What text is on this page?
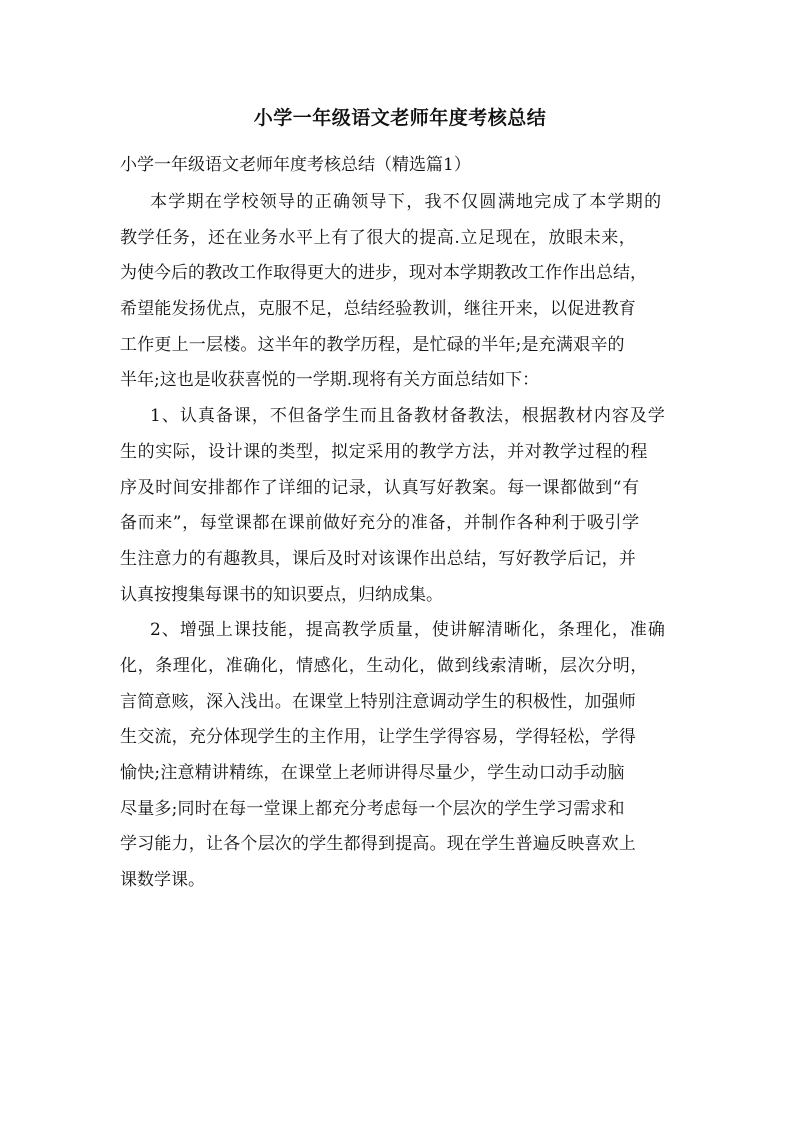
小学一年级语文老师年度考核总结
小学一年级语文老师年度考核总结（精选篇1）
本学期在学校领导的正确领导下，我不仅圆满地完成了本学期的
教学任务，还在业务水平上有了很大的提高.立足现在，放眼未来，
为使今后的教改工作取得更大的进步，现对本学期教改工作作出总结，
希望能发扬优点，克服不足，总结经验教训，继往开来，以促进教育
工作更上一层楼。这半年的教学历程，是忙碌的半年;是充满艰辛的
半年;这也是收获喜悦的一学期.现将有关方面总结如下：
1、认真备课，不但备学生而且备教材备教法，根据教材内容及学
生的实际，设计课的类型，拟定采用的教学方法，并对教学过程的程
序及时间安排都作了详细的记录，认真写好教案。每一课都做到“有
备而来”，每堂课都在课前做好充分的准备，并制作各种利于吸引学
生注意力的有趣教具，课后及时对该课作出总结，写好教学后记，并
认真按搜集每课书的知识要点，归纳成集。
2、增强上课技能，提高教学质量，使讲解清晰化，条理化，准确
化，条理化，准确化，情感化，生动化，做到线索清晰，层次分明，
言简意赅，深入浅出。在课堂上特别注意调动学生的积极性，加强师
生交流，充分体现学生的主作用，让学生学得容易，学得轻松，学得
愉快;注意精讲精练，在课堂上老师讲得尽量少，学生动口动手动脑
尽量多;同时在每一堂课上都充分考虑每一个层次的学生学习需求和
学习能力，让各个层次的学生都得到提高。现在学生普遍反映喜欢上
课数学课。
